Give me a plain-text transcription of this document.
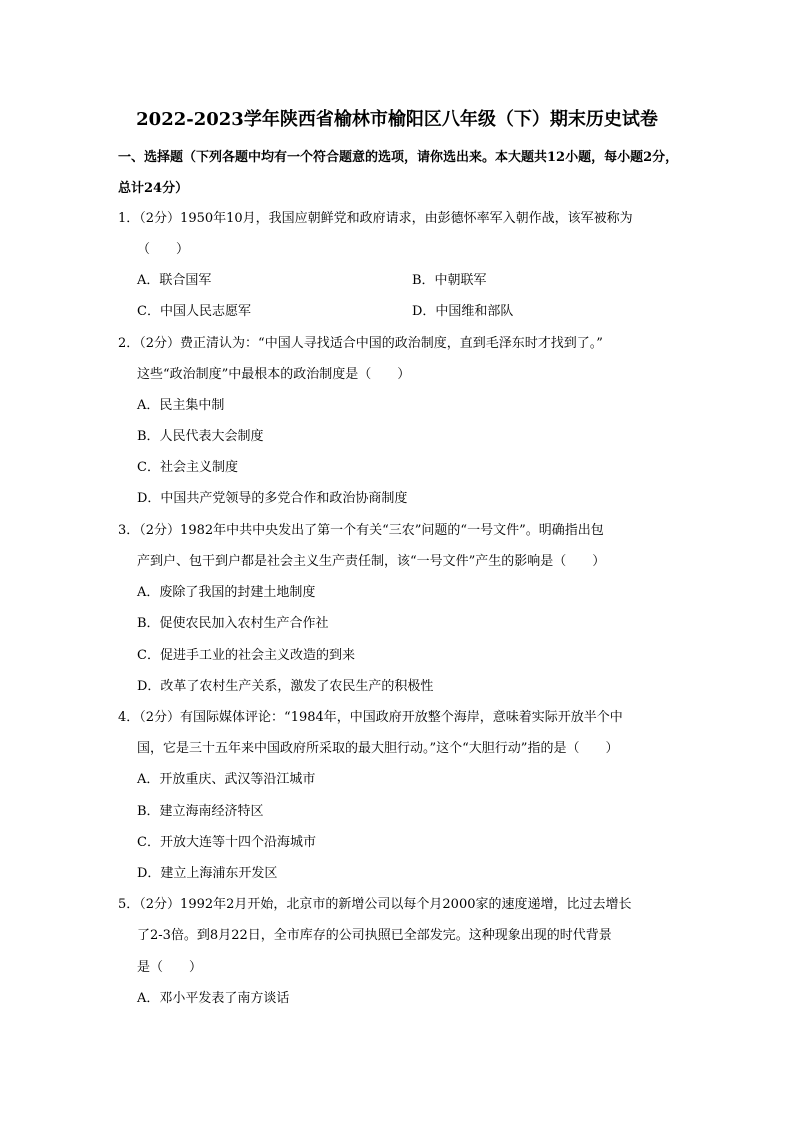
2022-2023学年陕西省榆林市榆阳区八年级（下）期末历史试卷
一、选择题（下列各题中均有一个符合题意的选项，请你选出来。本大题共12小题，每小题2分，总计24分）
1．（2分）1950年10月，我国应朝鲜党和政府请求，由彭德怀率军入朝作战，该军被称为
（　　）
A．联合国军	B．中朝联军
C．中国人民志愿军	D．中国维和部队
2．（2分）费正清认为：“中国人寻找适合中国的政治制度，直到毛泽东时才找到了。”
这些“政治制度”中最根本的政治制度是（　　）
A．民主集中制
B．人民代表大会制度
C．社会主义制度
D．中国共产党领导的多党合作和政治协商制度
3．（2分）1982年中共中央发出了第一个有关“三农”问题的“一号文件”。明确指出包
产到户、包干到户都是社会主义生产责任制，该“一号文件”产生的影响是（　　）
A．废除了我国的封建土地制度
B．促使农民加入农村生产合作社
C．促进手工业的社会主义改造的到来
D．改革了农村生产关系，激发了农民生产的积极性
4．（2分）有国际媒体评论：“1984年，中国政府开放整个海岸，意味着实际开放半个中
国，它是三十五年来中国政府所采取的最大胆行动。”这个“大胆行动”指的是（　　）
A．开放重庆、武汉等沿江城市
B．建立海南经济特区
C．开放大连等十四个沿海城市
D．建立上海浦东开发区
5．（2分）1992年2月开始，北京市的新增公司以每个月2000家的速度递增，比过去增长
了2-3倍。到8月22日，全市库存的公司执照已全部发完。这种现象出现的时代背景
是（　　）
A．邓小平发表了南方谈话
